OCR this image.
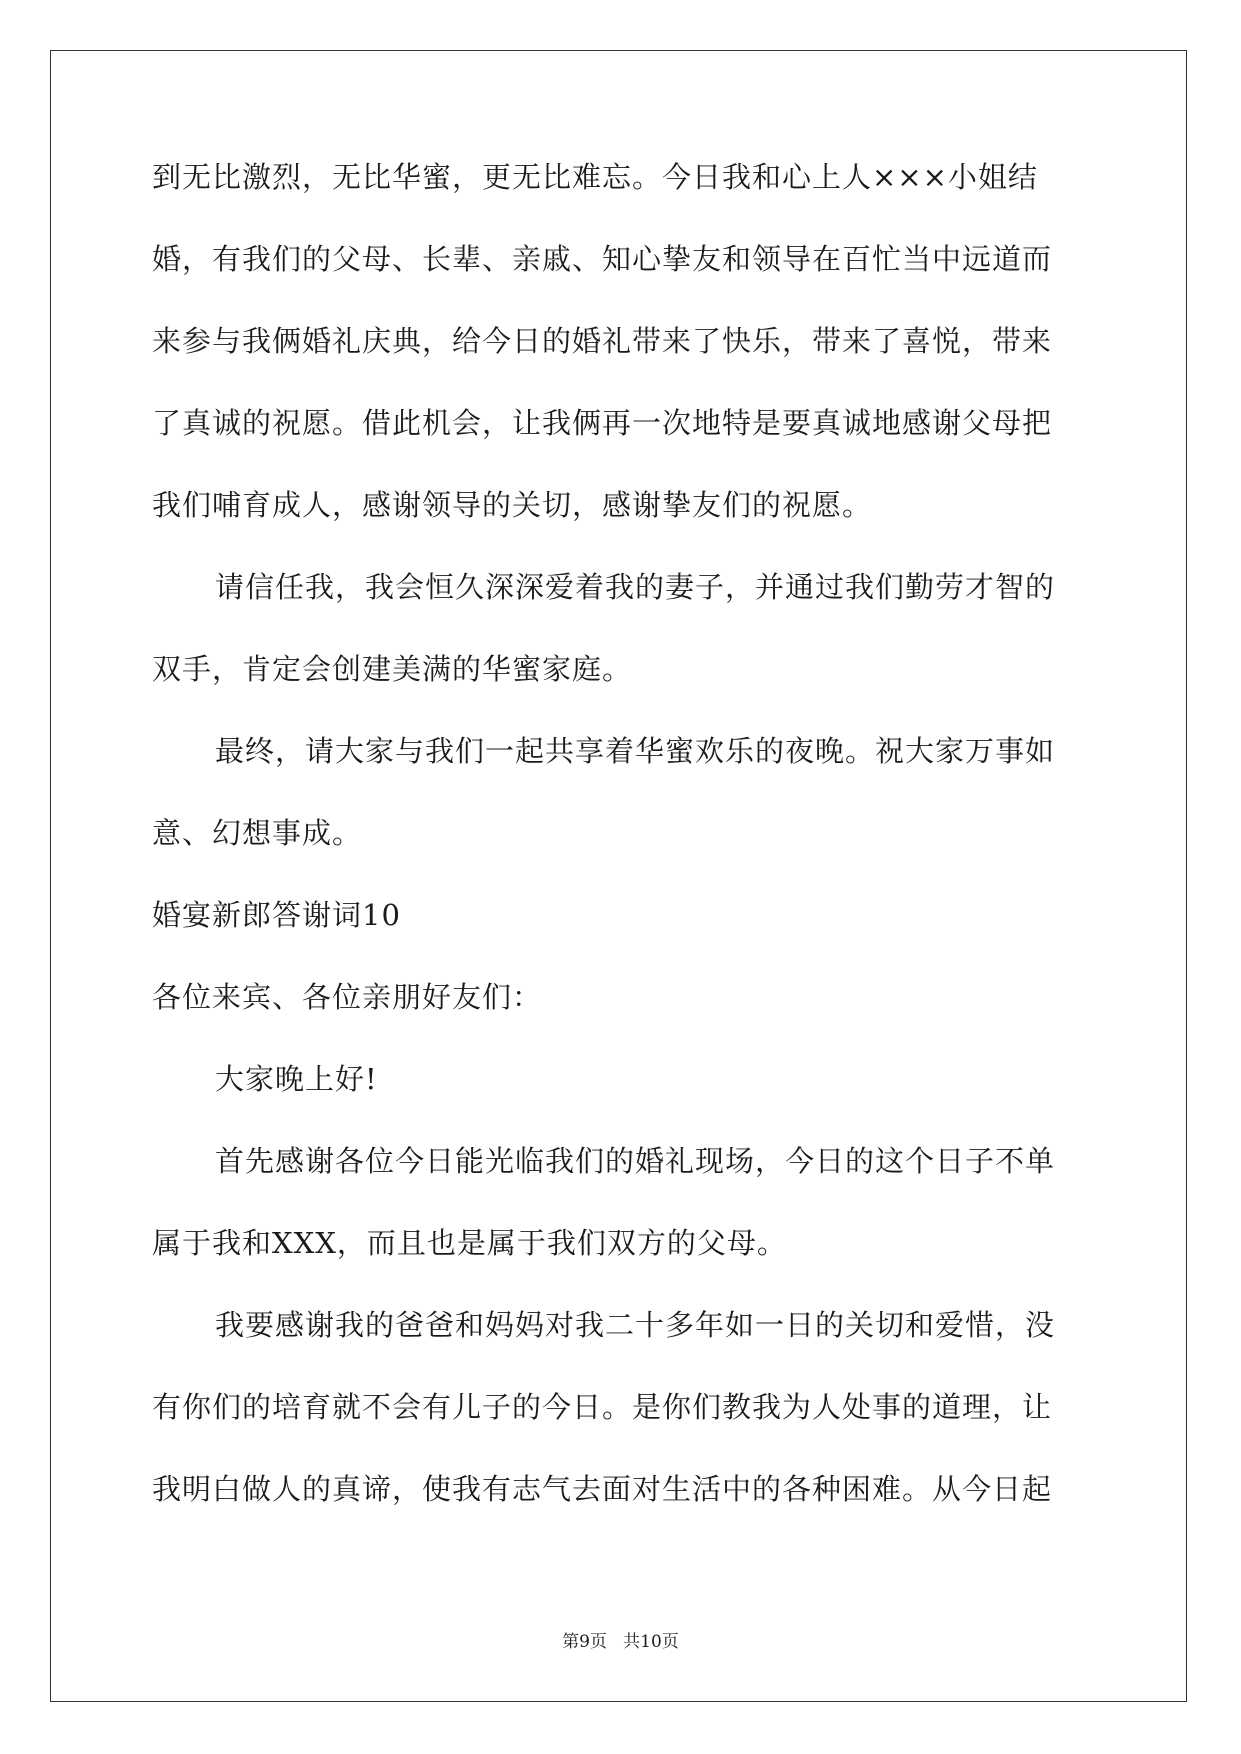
到无比激烈，无比华蜜，更无比难忘。今日我和心上人×××小姐结
婚，有我们的父母、长辈、亲戚、知心挚友和领导在百忙当中远道而
来参与我俩婚礼庆典，给今日的婚礼带来了快乐，带来了喜悦，带来
了真诚的祝愿。借此机会，让我俩再一次地特是要真诚地感谢父母把
我们哺育成人，感谢领导的关切，感谢挚友们的祝愿。
请信任我，我会恒久深深爱着我的妻子，并通过我们勤劳才智的
双手，肯定会创建美满的华蜜家庭。
最终，请大家与我们一起共享着华蜜欢乐的夜晚。祝大家万事如
意、幻想事成。
婚宴新郎答谢词10
各位来宾、各位亲朋好友们：
大家晚上好!
首先感谢各位今日能光临我们的婚礼现场，今日的这个日子不单
属于我和XXX，而且也是属于我们双方的父母。
我要感谢我的爸爸和妈妈对我二十多年如一日的关切和爱惜，没
有你们的培育就不会有儿子的今日。是你们教我为人处事的道理，让
我明白做人的真谛，使我有志气去面对生活中的各种困难。从今日起
第9页   共10页
